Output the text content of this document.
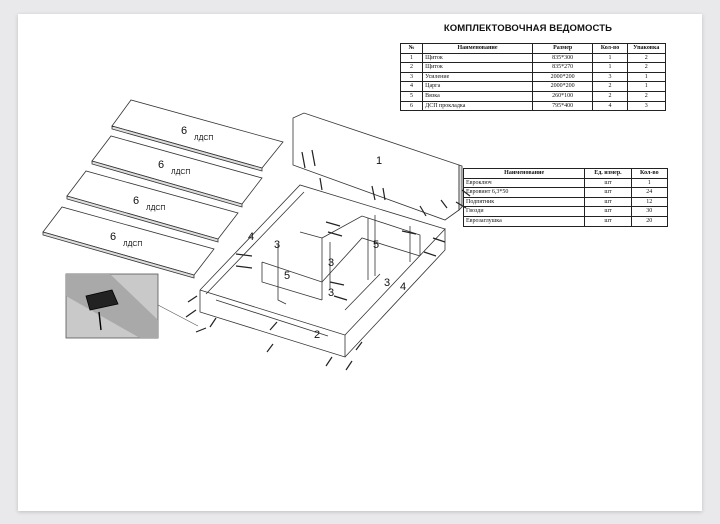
КОМПЛЕКТОВОЧНАЯ ВЕДОМОСТЬ
№	Наименование	Размер	Кол-во	Упаковка
1	Щиток	835*300	1	2
2	Щиток	835*270	1	2
3	Усиление	2000*200	3	1
4	Царга	2000*200	2	1
5	Вязка	260*100	2	2
6	ДСП прокладка	795*400	4	3
Наименование	Ед. измер.	Кол-во
Евроключ	шт	1
Евровинт 6,3*50	шт	24
Подпятник	шт	12
Гвозди	шт	30
Еврозаглушка	шт	20
6
ЛДСП
6
ЛДСП
6
ЛДСП
6
ЛДСП
1
3
3
3
3
5
5
4
4
2
